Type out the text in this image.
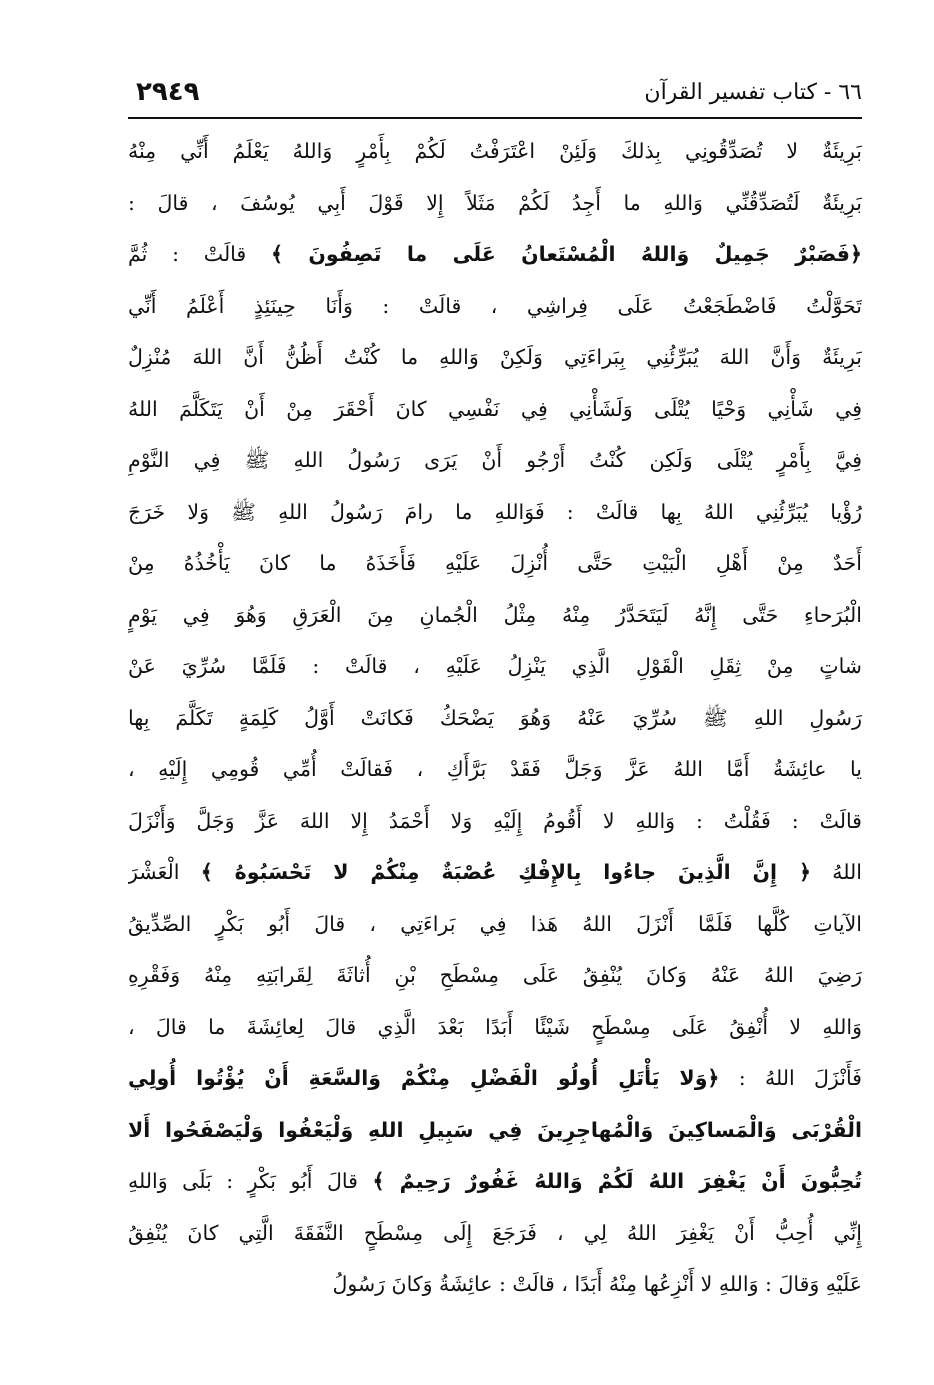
٦٦ - كتاب تفسير القرآن
٢٩٤٩
بَرِيئَةٌ لا تُصَدِّقُونِي بِذلكَ وَلَئِنْ اعْتَرَفْتُ لَكُمْ بِأَمْرٍ وَاللهُ يَعْلَمُ أَنِّي مِنْهُ
بَرِيئَةٌ لَتُصَدِّقُنِّي وَاللهِ ما أَجِدُ لَكُمْ مَثَلاً إِلا قَوْلَ أَبِي يُوسُفَ ، قالَ :
﴿فَصَبْرٌ جَمِيلٌ وَاللهُ الْمُسْتَعانُ عَلَى ما تَصِفُونَ ﴾ قالَتْ : ثُمَّ
تَحَوَّلْتُ فَاضْطَجَعْتُ عَلَى فِراشِي ، قالَتْ : وَأَنَا حِينَئِذٍ أَعْلَمُ أَنِّي
بَرِيئَةٌ وَأَنَّ اللهَ يُبَرِّئُنِي بِبَراءَتِي وَلَكِنْ وَاللهِ ما كُنْتُ أَظُنُّ أَنَّ اللهَ مُنْزِلٌ
فِي شَأْنِي وَحْيًا يُتْلَى وَلَشَأْنِي فِي نَفْسِي كانَ أَحْقَرَ مِنْ أَنْ يَتَكَلَّمَ اللهُ
فِيَّ بِأَمْرٍ يُتْلَى وَلَكِن كُنْتُ أَرْجُو أَنْ يَرَى رَسُولُ اللهِ ﷺ فِي النَّوْمِ
رُؤْيا يُبَرِّئُنِي اللهُ بِها قالَتْ : فَوَاللهِ ما رامَ رَسُولُ اللهِ ﷺ وَلا خَرَجَ
أَحَدٌ مِنْ أَهْلِ الْبَيْتِ حَتَّى أُنْزِلَ عَلَيْهِ فَأَخَذَهُ ما كانَ يَأْخُذُهُ مِنْ
الْبُرَحاءِ حَتَّى إِنَّهُ لَيَتَحَدَّرُ مِنْهُ مِثْلُ الْجُمانِ مِنَ الْعَرَقِ وَهُوَ فِي يَوْمٍ
شاتٍ مِنْ ثِقَلِ الْقَوْلِ الَّذِي يَنْزِلُ عَلَيْهِ ، قالَتْ : فَلَمَّا سُرِّيَ عَنْ
رَسُولِ اللهِ ﷺ سُرِّيَ عَنْهُ وَهُوَ يَضْحَكُ فَكانَتْ أَوَّلُ كَلِمَةٍ تَكَلَّمَ بِها
يا عائِشَةُ أَمَّا اللهُ عَزَّ وَجَلَّ فَقَدْ بَرَّأَكِ ، فَقالَتْ أُمِّي قُومِي إِلَيْهِ ،
قالَتْ : فَقُلْتُ : وَاللهِ لا أَقُومُ إِلَيْهِ وَلا أَحْمَدُ إِلا اللهَ عَزَّ وَجَلَّ وَأَنْزَلَ
اللهُ ﴿ إِنَّ الَّذِينَ جاءُوا بِالإِفْكِ عُصْبَةٌ مِنْكُمْ لا تَحْسَبُوهُ ﴾ الْعَشْرَ
الآياتِ كُلَّها فَلَمَّا أَنْزَلَ اللهُ هَذا فِي بَراءَتِي ، قالَ أَبُو بَكْرٍ الصِّدِّيقُ
رَضِيَ اللهُ عَنْهُ وَكانَ يُنْفِقُ عَلَى مِسْطَحِ بْنِ أُثاثَةَ لِقَرابَتِهِ مِنْهُ وَفَقْرِهِ
وَاللهِ لا أُنْفِقُ عَلَى مِسْطَحٍ شَيْئًا أَبَدًا بَعْدَ الَّذِي قالَ لِعائِشَةَ ما قالَ ،
فَأَنْزَلَ اللهُ : ﴿وَلا يَأْتَلِ أُولُو الْفَضْلِ مِنْكُمْ وَالسَّعَةِ أَنْ يُؤْتُوا أُولِي
الْقُرْبَى وَالْمَساكِينَ وَالْمُهاجِرِينَ فِي سَبِيلِ اللهِ وَلْيَعْفُوا وَلْيَصْفَحُوا أَلا
تُحِبُّونَ أَنْ يَغْفِرَ اللهُ لَكُمْ وَاللهُ غَفُورٌ رَحِيمٌ ﴾ قالَ أَبُو بَكْرٍ : بَلَى وَاللهِ
إِنِّي أُحِبُّ أَنْ يَغْفِرَ اللهُ لِي ، فَرَجَعَ إِلَى مِسْطَحٍ النَّفَقَةَ الَّتِي كانَ يُنْفِقُ
عَلَيْهِ وَقالَ : وَاللهِ لا أَنْزِعُها مِنْهُ أَبَدًا ، قالَتْ : عائِشَةُ وَكانَ رَسُولُ
